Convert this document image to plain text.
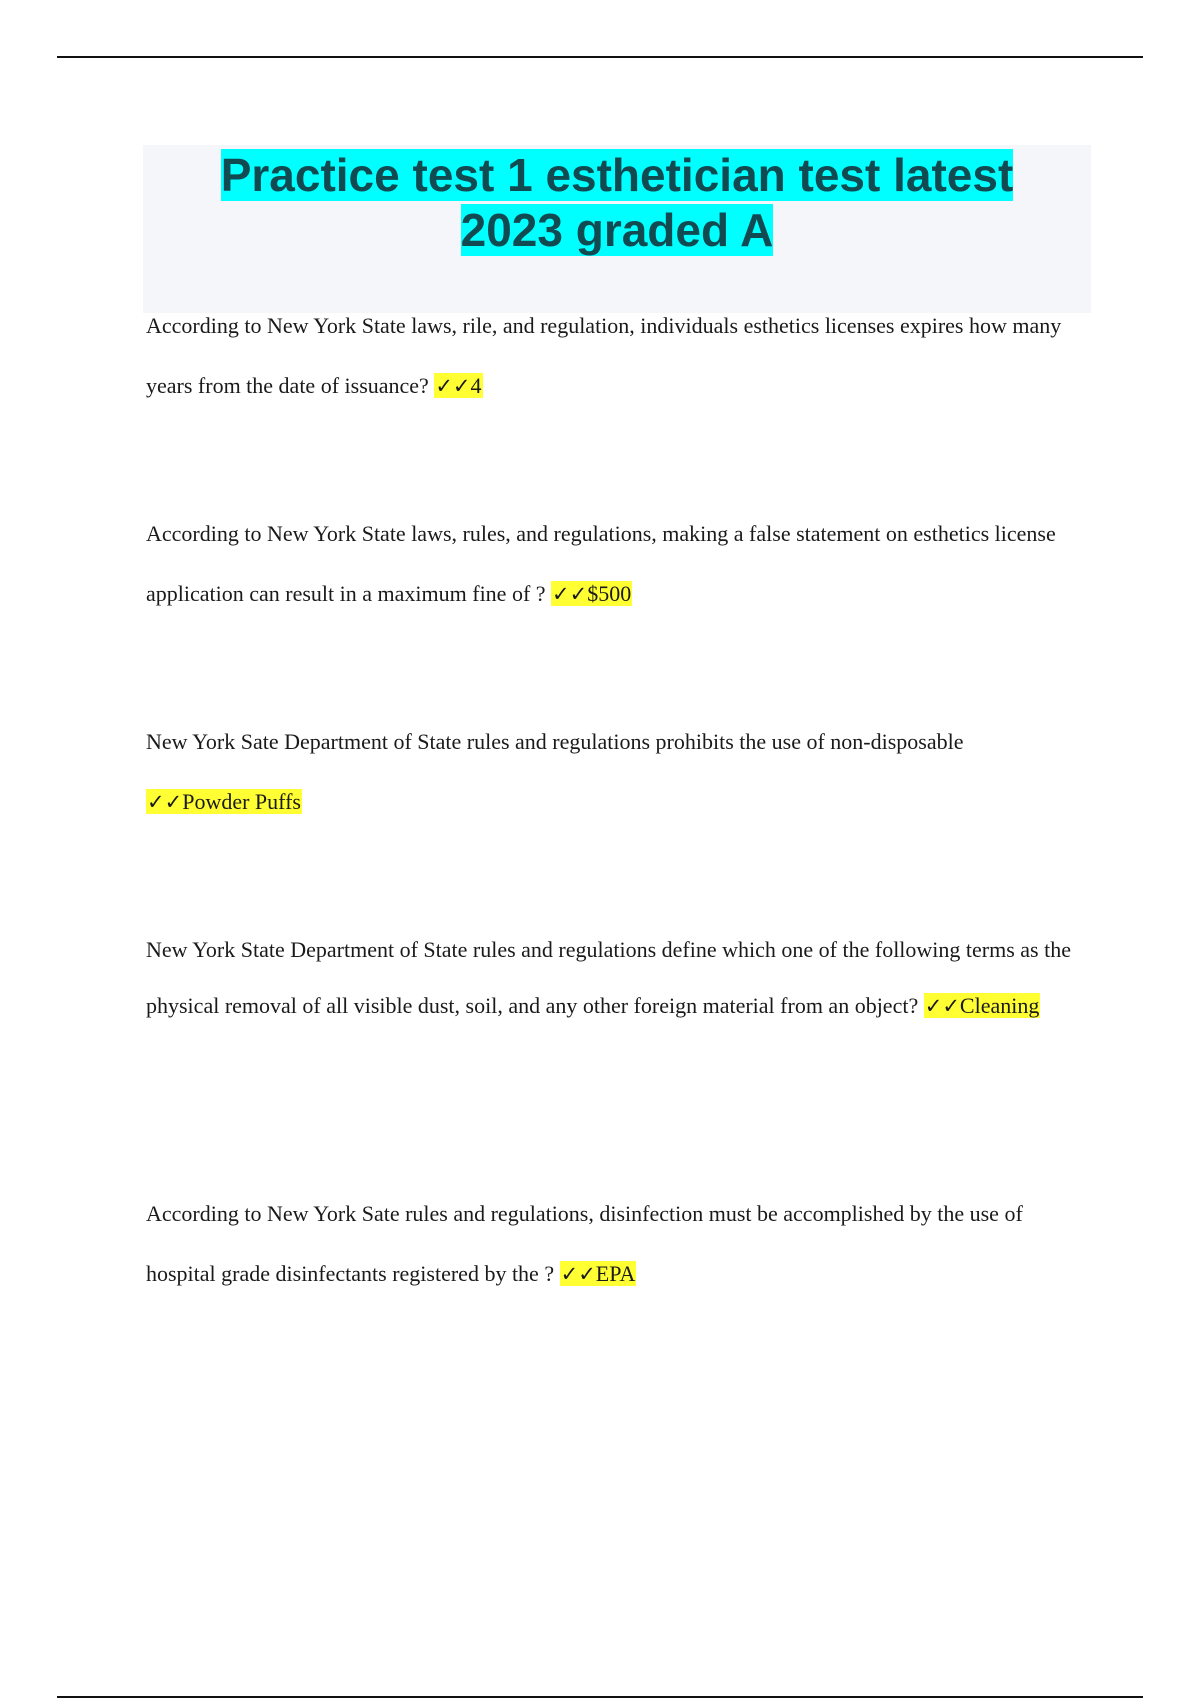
Practice test 1 esthetician test latest
2023 graded A

According to New York State laws, rile, and regulation, individuals esthetics licenses expires how many years from the date of issuance? ✓✓4

According to New York State laws, rules, and regulations, making a false statement on esthetics license application can result in a maximum fine of ? ✓✓$500

New York Sate Department of State rules and regulations prohibits the use of non-disposable
✓✓Powder Puffs

New York State Department of State rules and regulations define which one of the following terms as the physical removal of all visible dust, soil, and any other foreign material from an object? ✓✓Cleaning

According to New York Sate rules and regulations, disinfection must be accomplished by the use of hospital grade disinfectants registered by the ? ✓✓EPA
